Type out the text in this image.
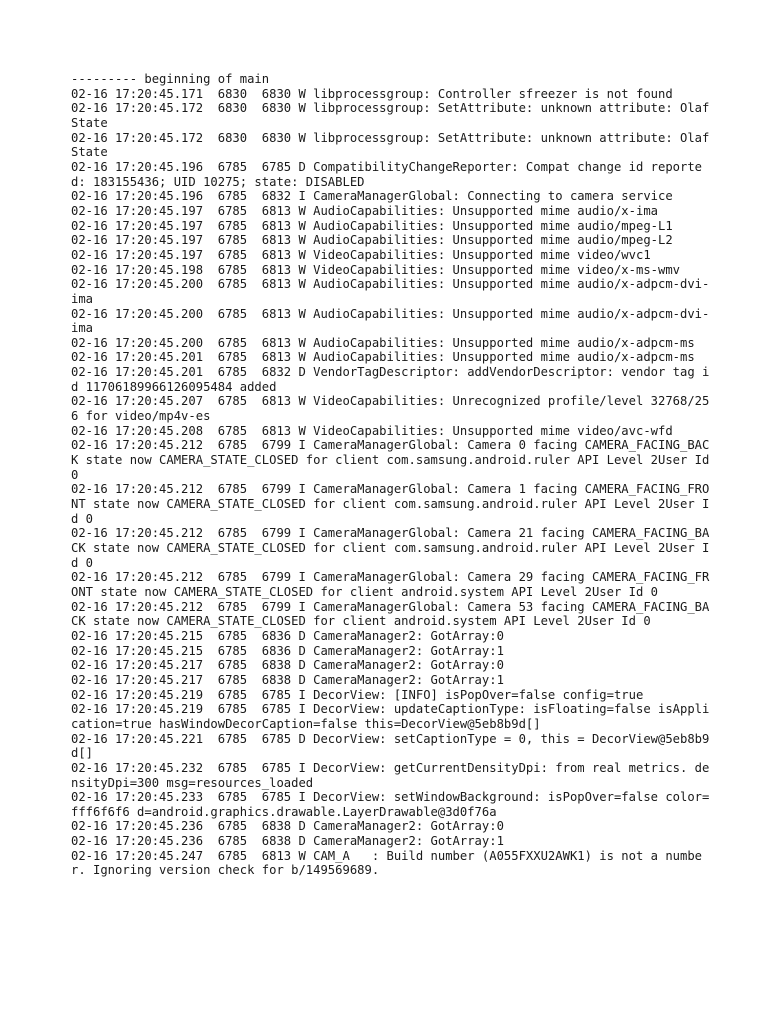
--------- beginning of main
02-16 17:20:45.171  6830  6830 W libprocessgroup: Controller sfreezer is not found
02-16 17:20:45.172  6830  6830 W libprocessgroup: SetAttribute: unknown attribute: OlafState
02-16 17:20:45.172  6830  6830 W libprocessgroup: SetAttribute: unknown attribute: OlafState
02-16 17:20:45.196  6785  6785 D CompatibilityChangeReporter: Compat change id reported: 183155436; UID 10275; state: DISABLED
02-16 17:20:45.196  6785  6832 I CameraManagerGlobal: Connecting to camera service
02-16 17:20:45.197  6785  6813 W AudioCapabilities: Unsupported mime audio/x-ima
02-16 17:20:45.197  6785  6813 W AudioCapabilities: Unsupported mime audio/mpeg-L1
02-16 17:20:45.197  6785  6813 W AudioCapabilities: Unsupported mime audio/mpeg-L2
02-16 17:20:45.197  6785  6813 W VideoCapabilities: Unsupported mime video/wvc1
02-16 17:20:45.198  6785  6813 W VideoCapabilities: Unsupported mime video/x-ms-wmv
02-16 17:20:45.200  6785  6813 W AudioCapabilities: Unsupported mime audio/x-adpcm-dvi-ima
02-16 17:20:45.200  6785  6813 W AudioCapabilities: Unsupported mime audio/x-adpcm-dvi-ima
02-16 17:20:45.200  6785  6813 W AudioCapabilities: Unsupported mime audio/x-adpcm-ms
02-16 17:20:45.201  6785  6813 W AudioCapabilities: Unsupported mime audio/x-adpcm-ms
02-16 17:20:45.201  6785  6832 D VendorTagDescriptor: addVendorDescriptor: vendor tag id 11706189966126095484 added
02-16 17:20:45.207  6785  6813 W VideoCapabilities: Unrecognized profile/level 32768/256 for video/mp4v-es
02-16 17:20:45.208  6785  6813 W VideoCapabilities: Unsupported mime video/avc-wfd
02-16 17:20:45.212  6785  6799 I CameraManagerGlobal: Camera 0 facing CAMERA_FACING_BACK state now CAMERA_STATE_CLOSED for client com.samsung.android.ruler API Level 2User Id 0
02-16 17:20:45.212  6785  6799 I CameraManagerGlobal: Camera 1 facing CAMERA_FACING_FRONT state now CAMERA_STATE_CLOSED for client com.samsung.android.ruler API Level 2User Id 0
02-16 17:20:45.212  6785  6799 I CameraManagerGlobal: Camera 21 facing CAMERA_FACING_BACK state now CAMERA_STATE_CLOSED for client com.samsung.android.ruler API Level 2User Id 0
02-16 17:20:45.212  6785  6799 I CameraManagerGlobal: Camera 29 facing CAMERA_FACING_FRONT state now CAMERA_STATE_CLOSED for client android.system API Level 2User Id 0
02-16 17:20:45.212  6785  6799 I CameraManagerGlobal: Camera 53 facing CAMERA_FACING_BACK state now CAMERA_STATE_CLOSED for client android.system API Level 2User Id 0
02-16 17:20:45.215  6785  6836 D CameraManager2: GotArray:0
02-16 17:20:45.215  6785  6836 D CameraManager2: GotArray:1
02-16 17:20:45.217  6785  6838 D CameraManager2: GotArray:0
02-16 17:20:45.217  6785  6838 D CameraManager2: GotArray:1
02-16 17:20:45.219  6785  6785 I DecorView: [INFO] isPopOver=false config=true
02-16 17:20:45.219  6785  6785 I DecorView: updateCaptionType: isFloating=false isApplication=true hasWindowDecorCaption=false this=DecorView@5eb8b9d[]
02-16 17:20:45.221  6785  6785 D DecorView: setCaptionType = 0, this = DecorView@5eb8b9d[]
02-16 17:20:45.232  6785  6785 I DecorView: getCurrentDensityDpi: from real metrics. densityDpi=300 msg=resources_loaded
02-16 17:20:45.233  6785  6785 I DecorView: setWindowBackground: isPopOver=false color=fff6f6f6 d=android.graphics.drawable.LayerDrawable@3d0f76a
02-16 17:20:45.236  6785  6838 D CameraManager2: GotArray:0
02-16 17:20:45.236  6785  6838 D CameraManager2: GotArray:1
02-16 17:20:45.247  6785  6813 W CAM_A   : Build number (A055FXXU2AWK1) is not a number. Ignoring version check for b/149569689.
